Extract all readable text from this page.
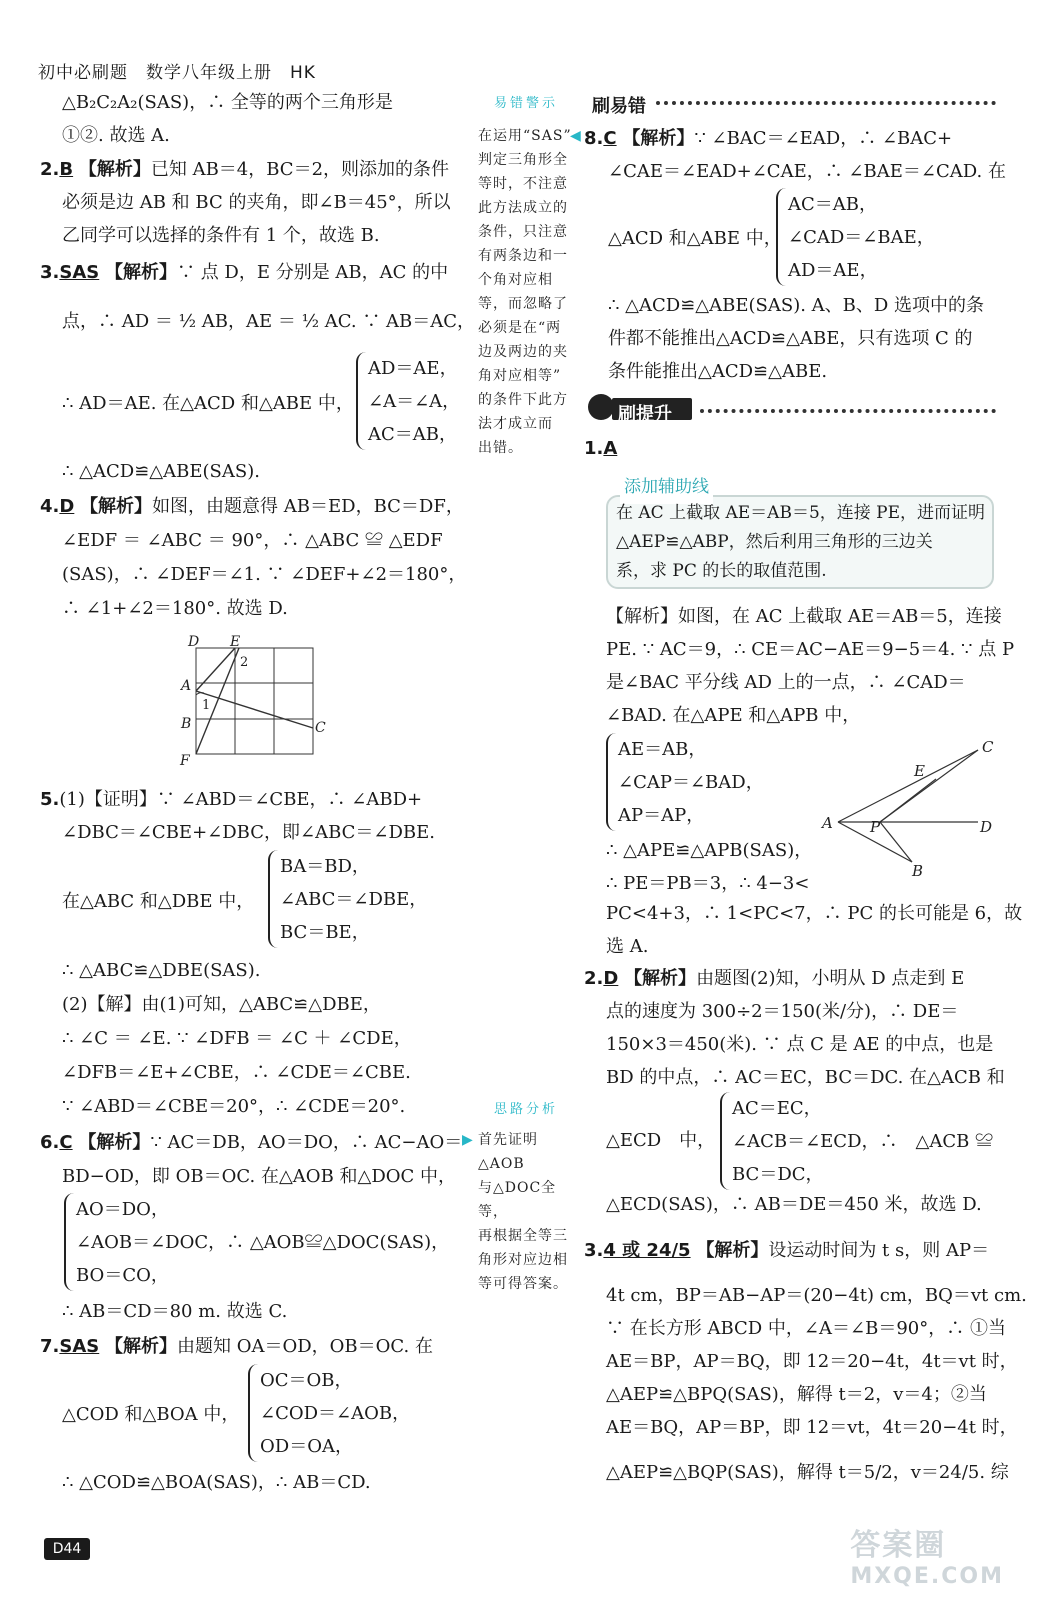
初中必刷题　数学八年级上册　HK
△B₂C₂A₂(SAS)，∴ 全等的两个三角形是
①②. 故选 A.
2.B 【解析】已知 AB＝4，BC＝2，则添加的条件
必须是边 AB 和 BC 的夹角，即∠B＝45°，所以
乙同学可以选择的条件有 1 个，故选 B.
3.SAS 【解析】∵ 点 D，E 分别是 AB，AC 的中
点，∴ AD ＝ ½ AB，AE ＝ ½ AC. ∵ AB＝AC，
∴ AD＝AE. 在△ACD 和△ABE 中，
AD＝AE，
∠A＝∠A，
AC＝AB，
∴ △ACD≌△ABE(SAS).
4.D 【解析】如图，由题意得 AB＝ED，BC＝DF，
∠EDF ＝ ∠ABC ＝ 90°，∴ △ABC ≌ △EDF
(SAS)，∴ ∠DEF＝∠1. ∵ ∠DEF+∠2＝180°，
∴ ∠1+∠2＝180°. 故选 D.
D E
A
B
F
C
1
2
5.(1)【证明】∵ ∠ABD＝∠CBE，∴ ∠ABD+
∠DBC＝∠CBE+∠DBC，即∠ABC＝∠DBE.
在△ABC 和△DBE 中，
BA＝BD，
∠ABC＝∠DBE，
BC＝BE，
∴ △ABC≌△DBE(SAS).
(2)【解】由(1)可知，△ABC≌△DBE，
∴ ∠C ＝ ∠E. ∵ ∠DFB ＝ ∠C ＋ ∠CDE，
∠DFB＝∠E+∠CBE，∴ ∠CDE＝∠CBE.
∵ ∠ABD＝∠CBE＝20°，∴ ∠CDE＝20°.
6.C 【解析】∵ AC＝DB，AO＝DO，∴ AC−AO＝
BD−OD，即 OB＝OC. 在△AOB 和△DOC 中，
AO＝DO，
∠AOB＝∠DOC，∴ △AOB≌△DOC(SAS)，
BO＝CO，
∴ AB＝CD＝80 m. 故选 C.
7.SAS 【解析】由题知 OA＝OD，OB＝OC. 在
△COD 和△BOA 中，
OC＝OB，
∠COD＝∠AOB，
OD＝OA，
∴ △COD≌△BOA(SAS)，∴ AB＝CD.
易错警示
在运用“SAS”
判定三角形全
等时，不注意
此方法成立的
条件，只注意
有两条边和一
个角对应相
等，而忽略了
必须是在“两
边及两边的夹
角对应相等”
的条件下此方
法才成立而
出错。
◀
思路分析
首先证明△AOB
与△DOC全等，
再根据全等三
角形对应边相
等可得答案。
▶
刷易错
8.C 【解析】∵ ∠BAC＝∠EAD，∴ ∠BAC+
∠CAE＝∠EAD+∠CAE，∴ ∠BAE＝∠CAD. 在
△ACD 和△ABE 中，
AC＝AB，
∠CAD＝∠BAE，
AD＝AE，
∴ △ACD≌△ABE(SAS). A、B、D 选项中的条
件都不能推出△ACD≌△ABE，只有选项 C 的
条件能推出△ACD≌△ABE.
刷提升
1.A
添加辅助线
在 AC 上截取 AE＝AB＝5，连接 PE，进而证明
△AEP≌△ABP，然后利用三角形的三边关
系，求 PC 的长的取值范围.
【解析】如图，在 AC 上截取 AE＝AB＝5，连接
PE. ∵ AC＝9，∴ CE＝AC−AE＝9−5＝4. ∵ 点 P
是∠BAC 平分线 AD 上的一点，∴ ∠CAD＝
∠BAD. 在△APE 和△APB 中，
AE＝AB，
∠CAP＝∠BAD，
AP＝AP，
∴ △APE≌△APB(SAS)，
∴ PE＝PB＝3，∴ 4−3<
PC<4+3，∴ 1<PC<7，∴ PC 的长可能是 6，故
选 A.
A P
E
C
D
B
2.D 【解析】由题图(2)知，小明从 D 点走到 E
点的速度为 300÷2＝150(米/分)，∴ DE＝
150×3＝450(米). ∵ 点 C 是 AE 的中点，也是
BD 的中点，∴ AC＝EC，BC＝DC. 在△ACB 和
△ECD　中，
AC＝EC，
∠ACB＝∠ECD，∴　△ACB ≌
BC＝DC，
△ECD(SAS)，∴ AB＝DE＝450 米，故选 D.
3.4 或 24/5 【解析】设运动时间为 t s，则 AP＝
4t cm，BP＝AB−AP＝(20−4t) cm，BQ＝vt cm.
∵ 在长方形 ABCD 中，∠A＝∠B＝90°，∴ ①当
AE＝BP，AP＝BQ，即 12＝20−4t，4t＝vt 时，
△AEP≌△BPQ(SAS)，解得 t＝2，v＝4；②当
AE＝BQ，AP＝BP，即 12＝vt，4t＝20−4t 时，
△AEP≌△BQP(SAS)，解得 t＝5/2，v＝24/5. 综
D44	答案圈
MXQE.COM
